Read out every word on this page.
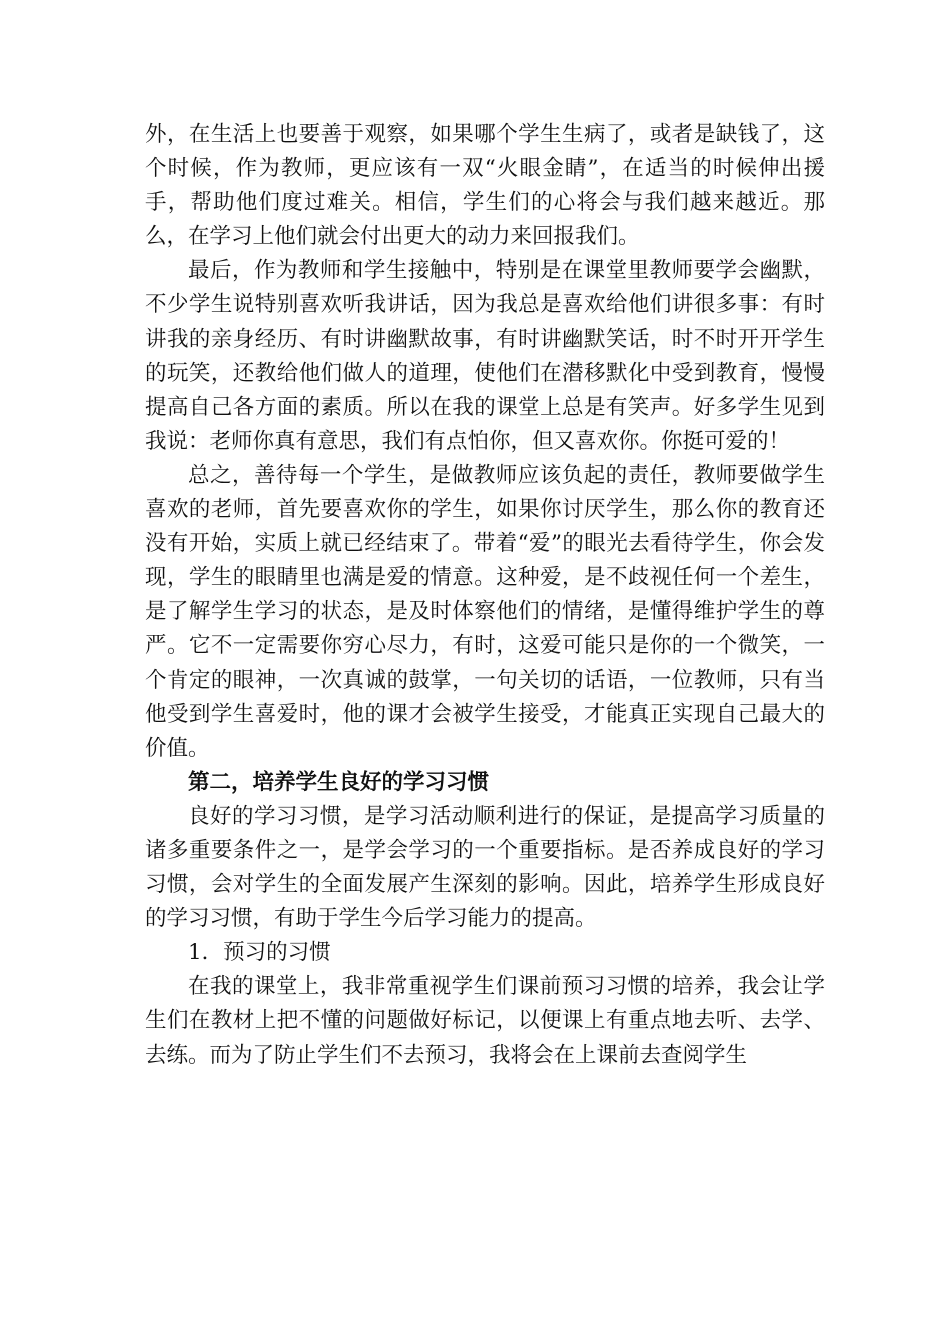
外，在生活上也要善于观察，如果哪个学生生病了，或者是缺钱了，这个时候，作为教师，更应该有一双“火眼金睛”，在适当的时候伸出援手，帮助他们度过难关。相信，学生们的心将会与我们越来越近。那么，在学习上他们就会付出更大的动力来回报我们。

最后，作为教师和学生接触中，特别是在课堂里教师要学会幽默，不少学生说特别喜欢听我讲话，因为我总是喜欢给他们讲很多事：有时讲我的亲身经历、有时讲幽默故事，有时讲幽默笑话，时不时开开学生的玩笑，还教给他们做人的道理，使他们在潜移默化中受到教育，慢慢提高自己各方面的素质。所以在我的课堂上总是有笑声。好多学生见到我说：老师你真有意思，我们有点怕你，但又喜欢你。你挺可爱的！

总之，善待每一个学生，是做教师应该负起的责任，教师要做学生喜欢的老师，首先要喜欢你的学生，如果你讨厌学生，那么你的教育还没有开始，实质上就已经结束了。带着“爱”的眼光去看待学生，你会发现，学生的眼睛里也满是爱的情意。这种爱，是不歧视任何一个差生，是了解学生学习的状态，是及时体察他们的情绪，是懂得维护学生的尊严。它不一定需要你穷心尽力，有时，这爱可能只是你的一个微笑，一个肯定的眼神，一次真诚的鼓掌，一句关切的话语，一位教师，只有当他受到学生喜爱时，他的课才会被学生接受，才能真正实现自己最大的价值。

第二，培养学生良好的学习习惯

良好的学习习惯，是学习活动顺利进行的保证，是提高学习质量的诸多重要条件之一，是学会学习的一个重要指标。是否养成良好的学习习惯，会对学生的全面发展产生深刻的影响。因此，培养学生形成良好的学习习惯，有助于学生今后学习能力的提高。

1．预习的习惯

在我的课堂上，我非常重视学生们课前预习习惯的培养，我会让学生们在教材上把不懂的问题做好标记，以便课上有重点地去听、去学、去练。而为了防止学生们不去预习，我将会在上课前去查阅学生
